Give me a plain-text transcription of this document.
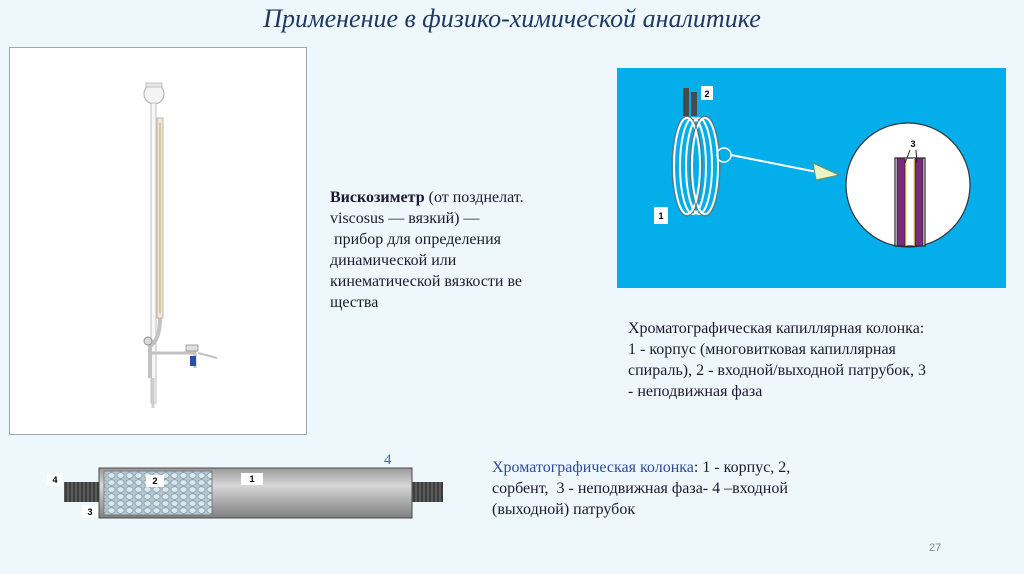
Применение в физико-химической аналитике
Вискозиметр (от позднелат.
viscosus — вязкий) —
прибор для определения
динамической или
кинематической вязкости ве
щества
2
1
3
Хроматографическая капиллярная колонка:
1 - корпус (многовитковая капиллярная
спираль), 2 - входной/выходной патрубок, 3
- неподвижная фаза
2	1
4
3
4	Хроматографическая колонка: 1 - корпус, 2,
сорбент,  3 - неподвижная фаза- 4 –входной
(выходной) патрубок
27
